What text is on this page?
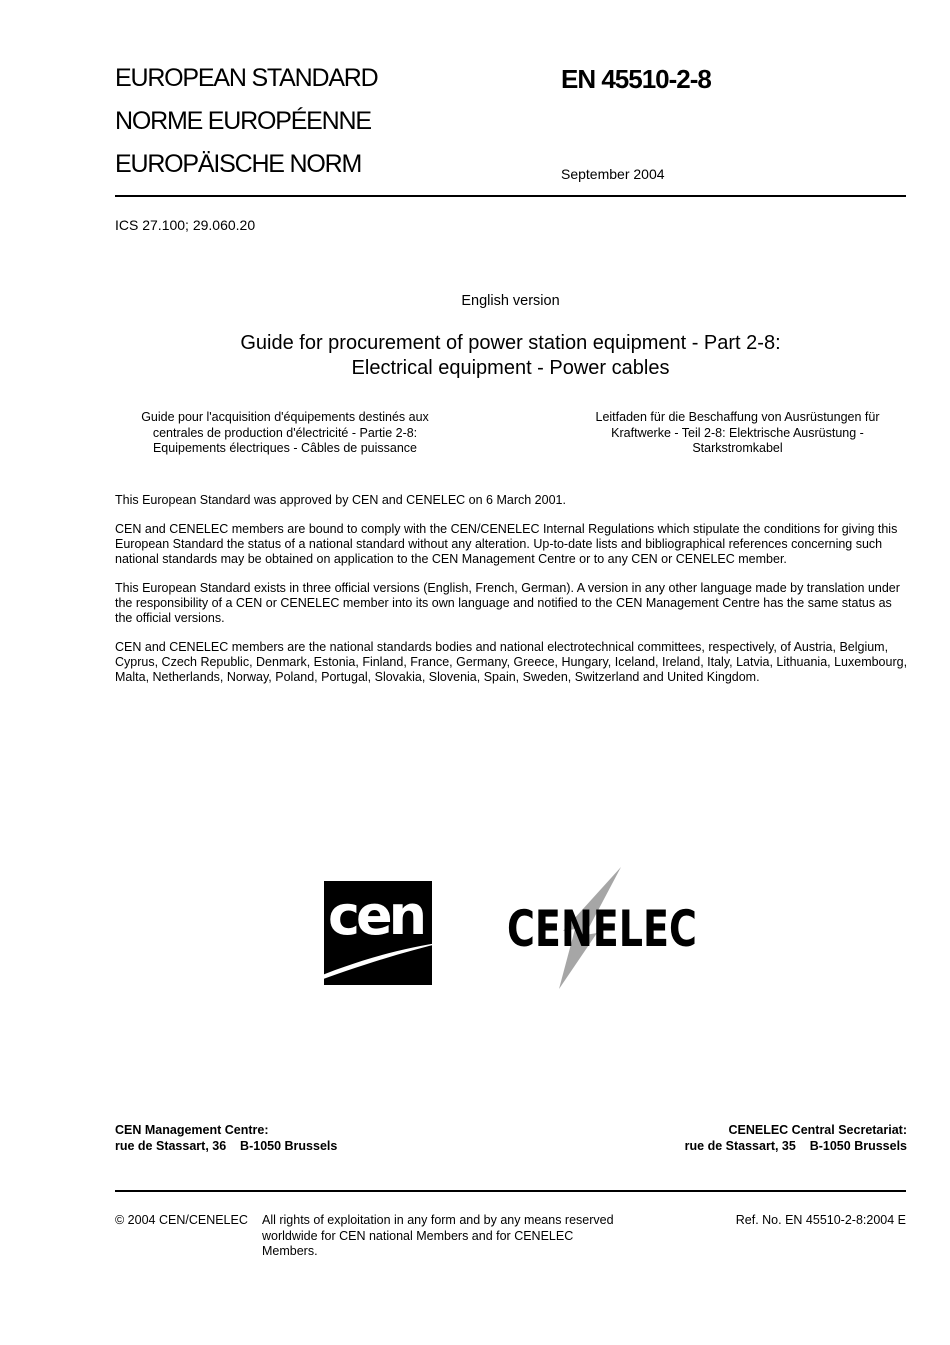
EUROPEAN STANDARD
NORME EUROPÉENNE
EUROPÄISCHE NORM
EN 45510-2-8
September 2004
ICS 27.100; 29.060.20
English version
Guide for procurement of power station equipment - Part 2-8:
Electrical equipment - Power cables
Guide pour l'acquisition d'équipements destinés aux
centrales de production d'électricité - Partie 2-8:
Equipements électriques - Câbles de puissance
Leitfaden für die Beschaffung von Ausrüstungen für
Kraftwerke - Teil 2-8: Elektrische Ausrüstung -
Starkstromkabel
This European Standard was approved by CEN and CENELEC on 6 March 2001.
CEN and CENELEC members are bound to comply with the CEN/CENELEC Internal Regulations which stipulate the conditions for giving this European Standard the status of a national standard without any alteration. Up-to-date lists and bibliographical references concerning such national standards may be obtained on application to the CEN Management Centre or to any CEN or CENELEC member.
This European Standard exists in three official versions (English, French, German). A version in any other language made by translation under the responsibility of a CEN or CENELEC member into its own language and notified to the CEN Management Centre has the same status as the official versions.
CEN and CENELEC members are the national standards bodies and national electrotechnical committees, respectively, of Austria, Belgium, Cyprus, Czech Republic, Denmark, Estonia, Finland, France, Germany, Greece, Hungary, Iceland, Ireland, Italy, Latvia, Lithuania, Luxembourg, Malta, Netherlands, Norway, Poland, Portugal, Slovakia, Slovenia, Spain, Sweden, Switzerland and United Kingdom.
cen CENELEC
CEN Management Centre:
rue de Stassart, 36    B-1050 Brussels
CENELEC Central Secretariat:
rue de Stassart, 35    B-1050 Brussels
© 2004 CEN/CENELEC All rights of exploitation in any form and by any means reserved
worldwide for CEN national Members and for CENELEC
Members.
Ref. No. EN 45510-2-8:2004 E
